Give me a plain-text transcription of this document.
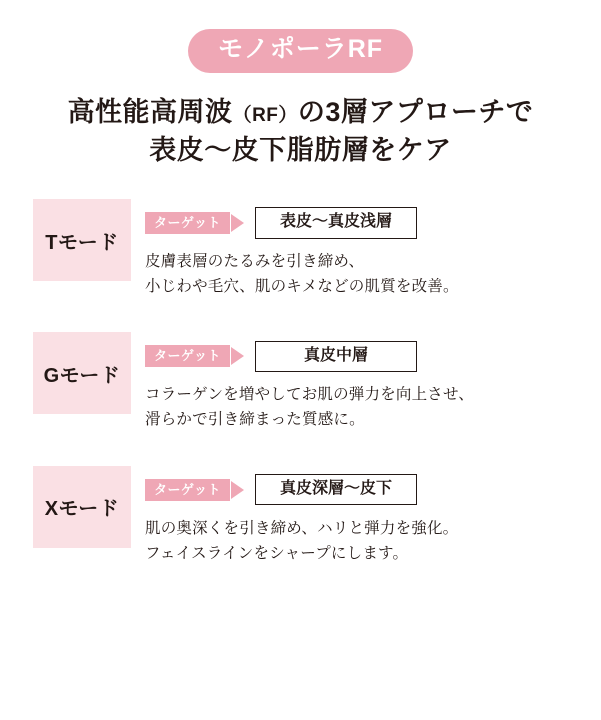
モノポーラRF
高性能高周波（RF）の3層アプローチで
表皮～皮下脂肪層をケア
Tモード
ターゲット	表皮～真皮浅層
皮膚表層のたるみを引き締め、
小じわや毛穴、肌のキメなどの肌質を改善。
Gモード
ターゲット	真皮中層
コラーゲンを増やしてお肌の弾力を向上させ、
滑らかで引き締まった質感に。
Xモード
ターゲット	真皮深層～皮下
肌の奥深くを引き締め、ハリと弾力を強化。
フェイスラインをシャープにします。
